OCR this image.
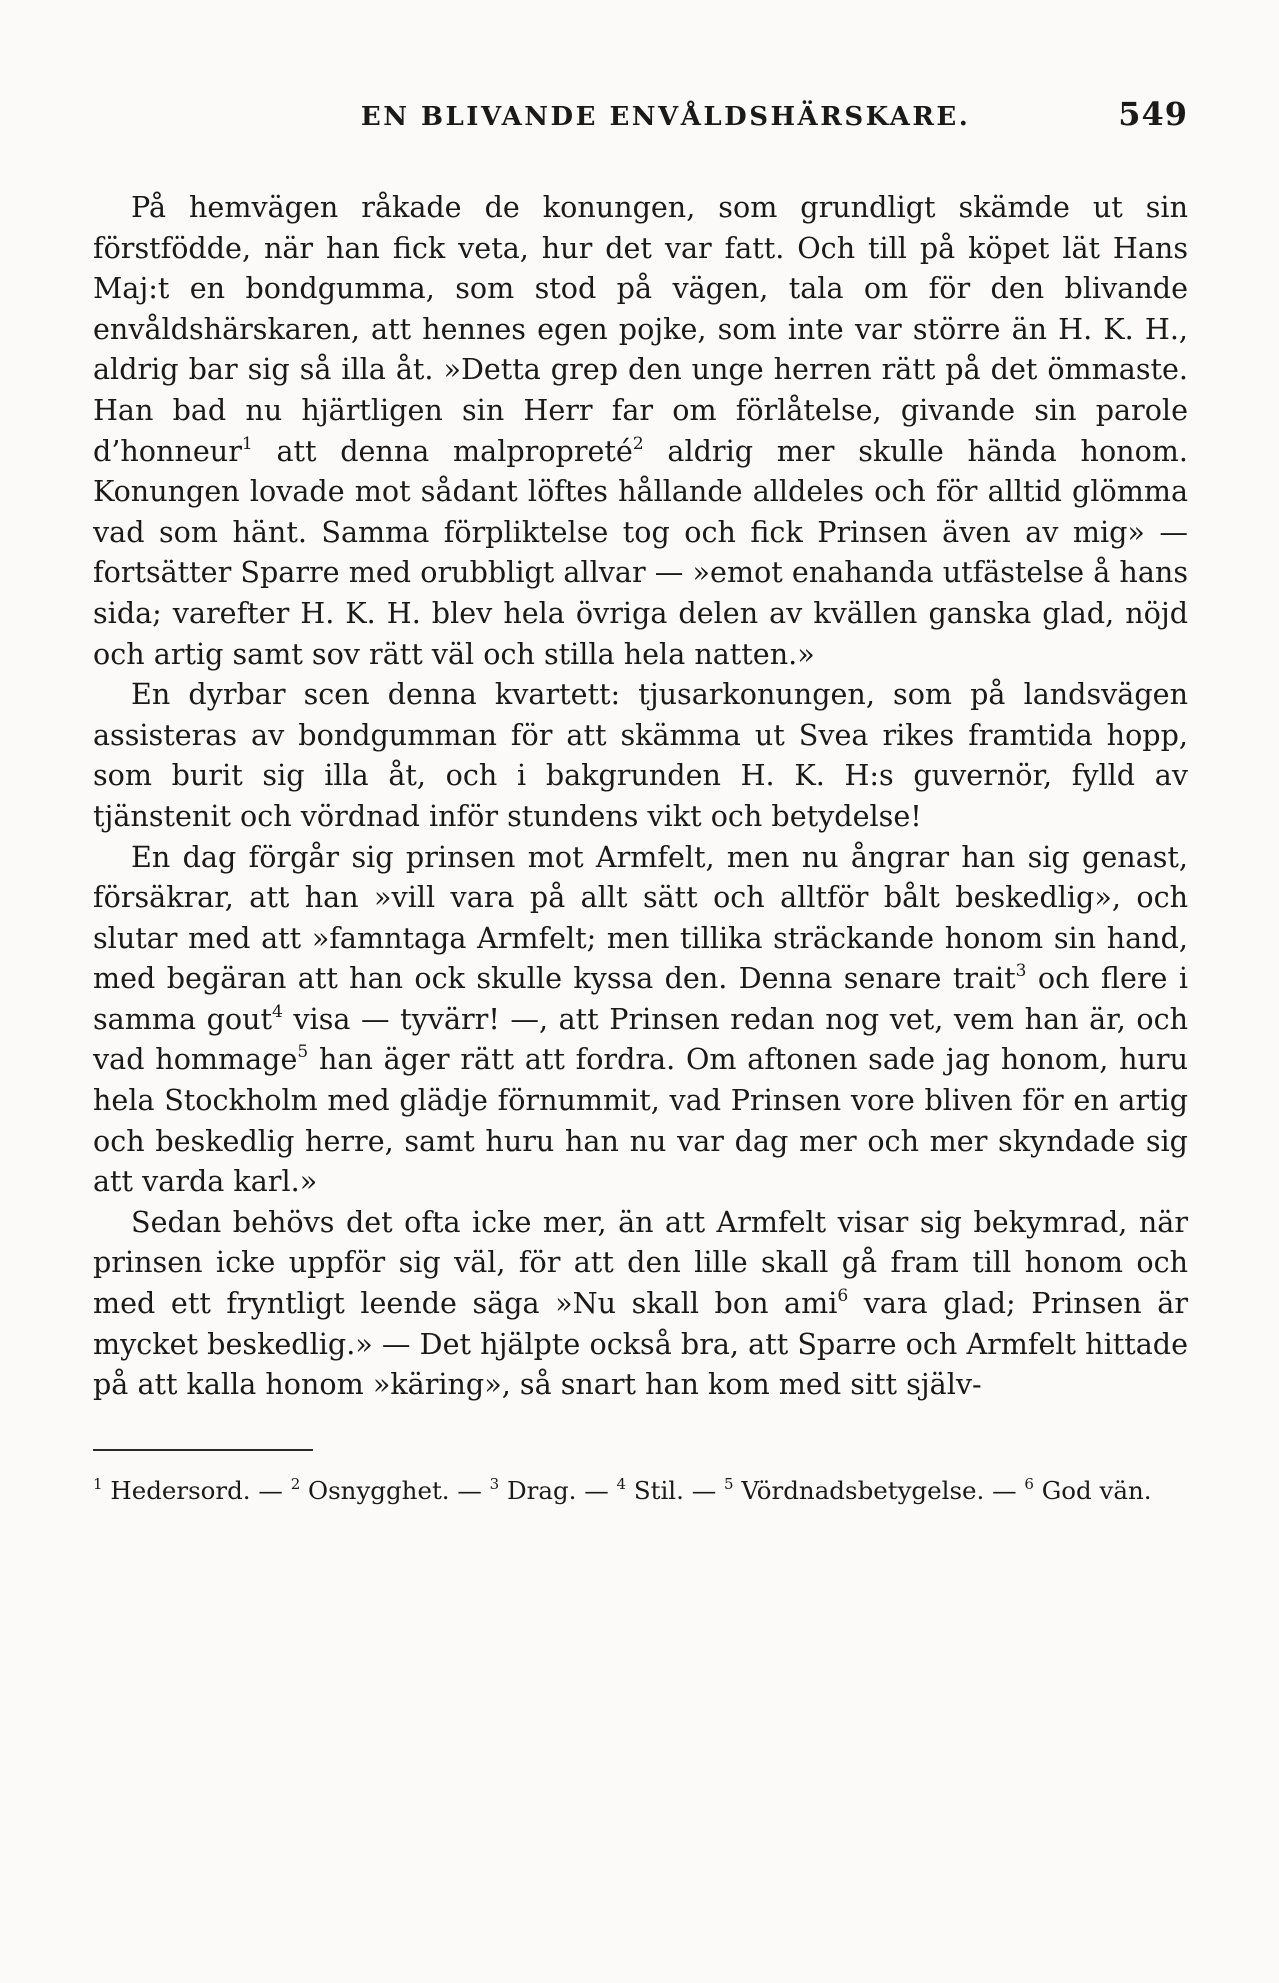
EN BLIVANDE ENVÅLDSHÄRSKARE.	549

På hemvägen råkade de konungen, som grundligt skämde ut sin förstfödde, när han fick veta, hur det var fatt. Och till på köpet lät Hans Maj:t en bondgumma, som stod på vägen, tala om för den blivande envåldshärskaren, att hennes egen pojke, som inte var större än H. K. H., aldrig bar sig så illa åt. »Detta grep den unge herren rätt på det ömmaste. Han bad nu hjärtligen sin Herr far om förlåtelse, givande sin parole d’honneur$^1$ att denna malpropreté$^2$ aldrig mer skulle hända honom. Konungen lovade mot sådant löftes hållande alldeles och för alltid glömma vad som hänt. Samma förpliktelse tog och fick Prinsen även av mig» — fortsätter Sparre med orubbligt allvar — »emot enahanda utfästelse å hans sida; varefter H. K. H. blev hela övriga delen av kvällen ganska glad, nöjd och artig samt sov rätt väl och stilla hela natten.»

En dyrbar scen denna kvartett: tjusarkonungen, som på landsvägen assisteras av bondgumman för att skämma ut Svea rikes framtida hopp, som burit sig illa åt, och i bakgrunden H. K. H:s guvernör, fylld av tjänstenit och vördnad inför stundens vikt och betydelse!

En dag förgår sig prinsen mot Armfelt, men nu ångrar han sig genast, försäkrar, att han »vill vara på allt sätt och alltför bålt beskedlig», och slutar med att »famntaga Armfelt; men tillika sträckande honom sin hand, med begäran att han ock skulle kyssa den. Denna senare trait$^3$ och flere i samma gout$^4$ visa — tyvärr! —, att Prinsen redan nog vet, vem han är, och vad hommage$^5$ han äger rätt att fordra. Om aftonen sade jag honom, huru hela Stockholm med glädje förnummit, vad Prinsen vore bliven för en artig och beskedlig herre, samt huru han nu var dag mer och mer skyndade sig att varda karl.»

Sedan behövs det ofta icke mer, än att Armfelt visar sig bekymrad, när prinsen icke uppför sig väl, för att den lille skall gå fram till honom och med ett fryntligt leende säga »Nu skall bon ami$^6$ vara glad; Prinsen är mycket beskedlig.» — Det hjälpte också bra, att Sparre och Armfelt hittade på att kalla honom »käring», så snart han kom med sitt själv-

$^1$ Hedersord. — $^2$ Osnygghet. — $^3$ Drag. — $^4$ Stil. — $^5$ Vördnadsbetygelse. — $^6$ God vän.
